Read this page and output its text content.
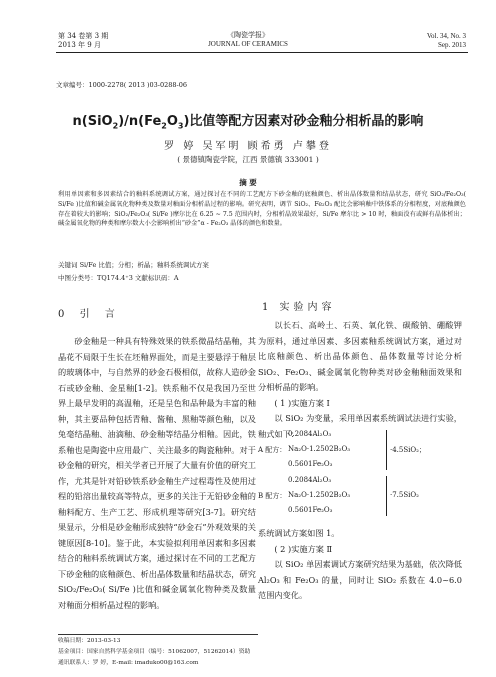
第 34 卷第 3 期
2013 年 9 月
《陶瓷学报》
JOURNAL OF CERAMICS
Vol. 34, No. 3
Sep. 2013
文章编号：1000-2278( 2013 )03-0288-06
$n(SiO_2)/n(Fe_2O_3)$比值等配方因素对砂金釉分相析晶的影响
罗 婷 吴军明 顾希勇 卢攀登
( 景德镇陶瓷学院，江西 景德镇 333001 )
摘 要
利用单因素和多因素结合的釉料系统调试方案，通过探讨在不同的工艺配方下砂金釉的底釉颜色、析出晶体数量和结晶状态，研究 SiO₂/Fe₂O₃( Si/Fe )比值和碱金属氧化物种类及数量对釉面分相析晶过程的影响。研究表明，调节 SiO₂、Fe₂O₃ 配比会影响釉中铁体系的分相程度，对底釉颜色存在着较大的影响；SiO₂/Fe₂O₃( Si/Fe )摩尔比在 6.25 ~ 7.5 范围内时，分相析晶效果最好，Si/Fe 摩尔比 > 10 时，釉面没有或鲜有晶体析出；碱金属氧化物的种类和摩尔数大小会影响析出“砂金”α - Fe₂O₃ 晶体的颜色和数量。
关键词 Si/Fe 比值；分相；析晶；釉料系统调试方案
中图分类号：TQ174.4⁺3 文献标识码：A
0 引 言
1 实验内容

砂金釉是一种具有特殊效果的铁系微晶结晶釉，其晶花不局限于生长在坯釉界面处，而是主要悬浮于釉层的玻璃体中，与自然界的砂金石极相似，故称人造砂金石或砂金釉、金星釉[1-2]。铁系釉不仅是我国乃至世界上最早发明的高温釉，还是呈色和品种最为丰富的釉种，其主要品种包括青釉、酱釉、黑釉等颜色釉，以及兔毫结晶釉、油滴釉、砂金釉等结晶分相釉。因此，铁系釉也是陶瓷中应用最广、关注最多的陶瓷釉种。对于砂金釉的研究，相关学者已开展了大量有价值的研究工作，尤其是针对铅砂铁系砂金釉生产过程毒性及使用过程的铅溶出量较高等特点，更多的关注于无铅砂金釉的釉料配方、生产工艺、形成机理等研究[3-7]。研究结果显示，分相是砂金釉形成独特“砂金石”外观效果的关键原因[8-10]。鉴于此，本实验拟利用单因素和多因素结合的釉料系统调试方案，通过探讨在不同的工艺配方下砂金釉的底釉颜色、析出晶体数量和结晶状态，研究SiO₂/Fe₂O₃( Si/Fe )比值和碱金属氧化物种类及数量对釉面分相析晶过程的影响。

以长石、高岭土、石英、氧化铁、碳酸钠、硼酸钾为原料，通过单因素、多因素釉系统调试方案，通过对比底釉颜色、析出晶体颜色、晶体数量等讨论分析 SiO₂、Fe₂O₃、碱金属氧化物种类对砂金釉釉面效果和分相析晶的影响。

( 1 )实施方案 Ⅰ

以 SiO₂ 为变量，采用单因素系统调试法进行实验，釉式如下：

0.2084Al₂O₃
A 配方： Na₂O·1.2502B₂O₃	·4.5SiO₂；
0.5601Fe₂O₃
0.2084Al₂O₃
B 配方： Na₂O·1.2502B₂O₃	·7.5SiO₂
0.5601Fe₂O₃
系统调试方案如图 1。

( 2 )实施方案 Ⅱ

以 SiO₂ 单因素调试方案研究结果为基础，依次降低 Al₂O₃ 和 Fe₂O₃ 的量，同时让 SiO₂ 系数在 4.0~6.0 范围内变化。

收稿日期：2013-03-13
基金项目：国家自然科学基金项目（编号：51062007，51262014）资助
通讯联系人：罗 婷，E-mail: imaduko00@163.com
